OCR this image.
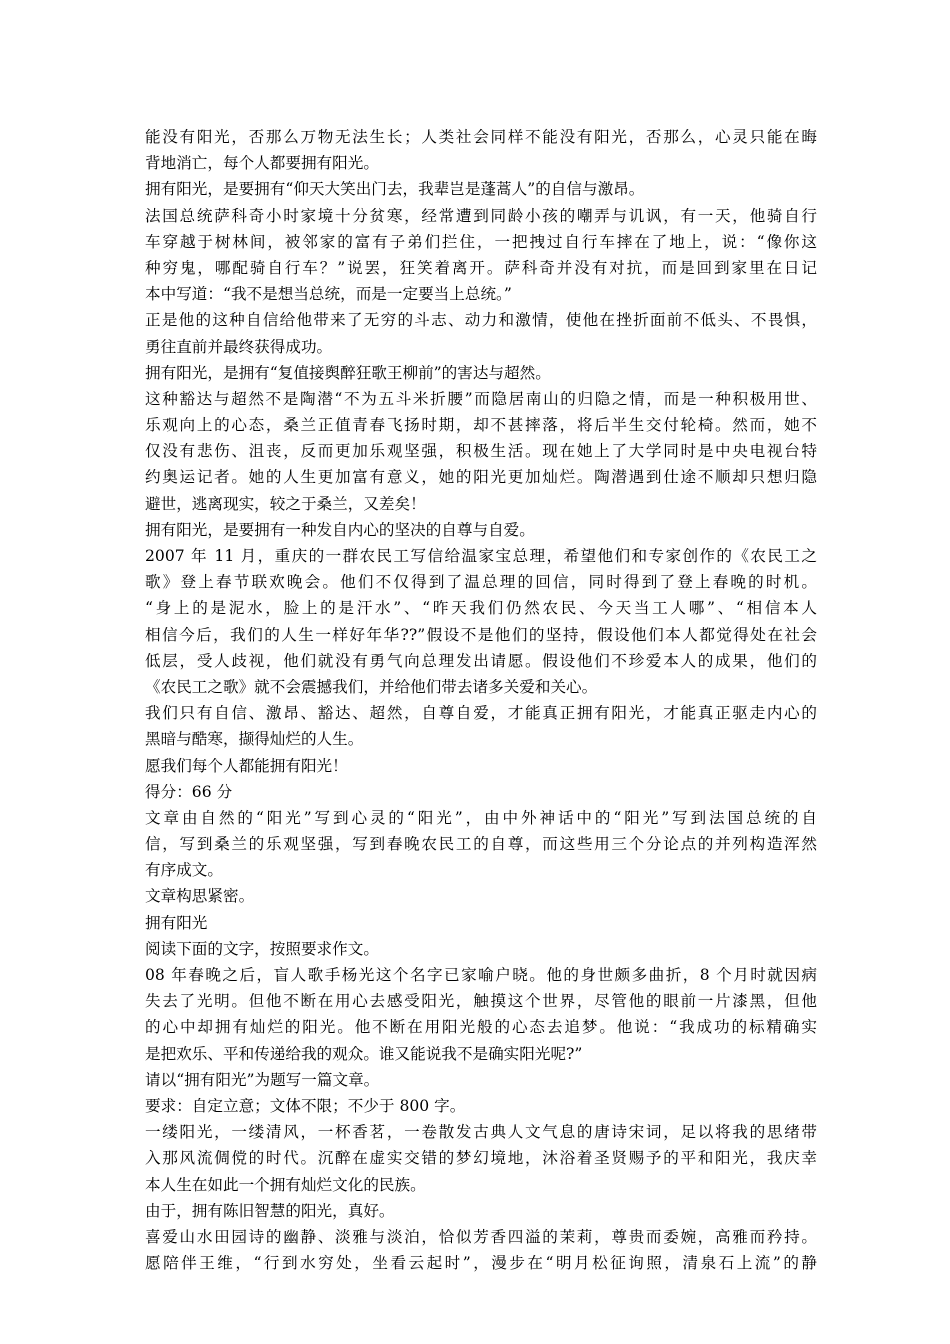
能没有阳光，否那么万物无法生长；人类社会同样不能没有阳光，否那么，心灵只能在晦
背地消亡，每个人都要拥有阳光。
拥有阳光，是要拥有“仰天大笑出门去，我辈岂是蓬蒿人”的自信与激昂。
法国总统萨科奇小时家境十分贫寒，经常遭到同龄小孩的嘲弄与讥讽，有一天，他骑自行
车穿越于树林间，被邻家的富有子弟们拦住，一把拽过自行车摔在了地上，说：“像你这
种穷鬼，哪配骑自行车？”说罢，狂笑着离开。萨科奇并没有对抗，而是回到家里在日记
本中写道：“我不是想当总统，而是一定要当上总统。”
正是他的这种自信给他带来了无穷的斗志、动力和激情，使他在挫折面前不低头、不畏惧，
勇往直前并最终获得成功。
拥有阳光，是拥有“复值接舆醉狂歌王柳前”的害达与超然。
这种豁达与超然不是陶潜“不为五斗米折腰”而隐居南山的归隐之情，而是一种积极用世、
乐观向上的心态，桑兰正值青春飞扬时期，却不甚摔落，将后半生交付轮椅。然而，她不
仅没有悲伤、沮丧，反而更加乐观坚强，积极生活。现在她上了大学同时是中央电视台特
约奥运记者。她的人生更加富有意义，她的阳光更加灿烂。陶潜遇到仕途不顺却只想归隐
避世，逃离现实，较之于桑兰，又差矣！
拥有阳光，是要拥有一种发自内心的坚决的自尊与自爱。
2007 年 11 月，重庆的一群农民工写信给温家宝总理，希望他们和专家创作的《农民工之
歌》登上春节联欢晚会。他们不仅得到了温总理的回信，同时得到了登上春晚的时机。
“身上的是泥水，脸上的是汗水”、“昨天我们仍然农民、今天当工人哪”、“相信本人
相信今后，我们的人生一样好年华??”假设不是他们的坚持，假设他们本人都觉得处在社会
低层，受人歧视，他们就没有勇气向总理发出请愿。假设他们不珍爱本人的成果，他们的
《农民工之歌》就不会震撼我们，并给他们带去诸多关爱和关心。
我们只有自信、激昂、豁达、超然，自尊自爱，才能真正拥有阳光，才能真正驱走内心的
黑暗与酷寒，撷得灿烂的人生。
愿我们每个人都能拥有阳光！
得分：66 分
文章由自然的“阳光”写到心灵的“阳光”，由中外神话中的“阳光”写到法国总统的自
信，写到桑兰的乐观坚强，写到春晚农民工的自尊，而这些用三个分论点的并列构造浑然
有序成文。
文章构思紧密。
拥有阳光
阅读下面的文字，按照要求作文。
08 年春晚之后，盲人歌手杨光这个名字已家喻户晓。他的身世颇多曲折，8 个月时就因病
失去了光明。但他不断在用心去感受阳光，触摸这个世界，尽管他的眼前一片漆黑，但他
的心中却拥有灿烂的阳光。他不断在用阳光般的心态去追梦。他说：“我成功的标精确实
是把欢乐、平和传递给我的观众。谁又能说我不是确实阳光呢?”
请以“拥有阳光”为题写一篇文章。
要求：自定立意；文体不限；不少于 800 字。
一缕阳光，一缕清风，一杯香茗，一卷散发古典人文气息的唐诗宋词，足以将我的思绪带
入那风流倜傥的时代。沉醉在虚实交错的梦幻境地，沐浴着圣贤赐予的平和阳光，我庆幸
本人生在如此一个拥有灿烂文化的民族。
由于，拥有陈旧智慧的阳光，真好。
喜爱山水田园诗的幽静、淡雅与淡泊，恰似芳香四溢的茉莉，尊贵而委婉，高雅而矜持。
愿陪伴王维，“行到水穷处，坐看云起时”，漫步在“明月松征询照，清泉石上流”的静
